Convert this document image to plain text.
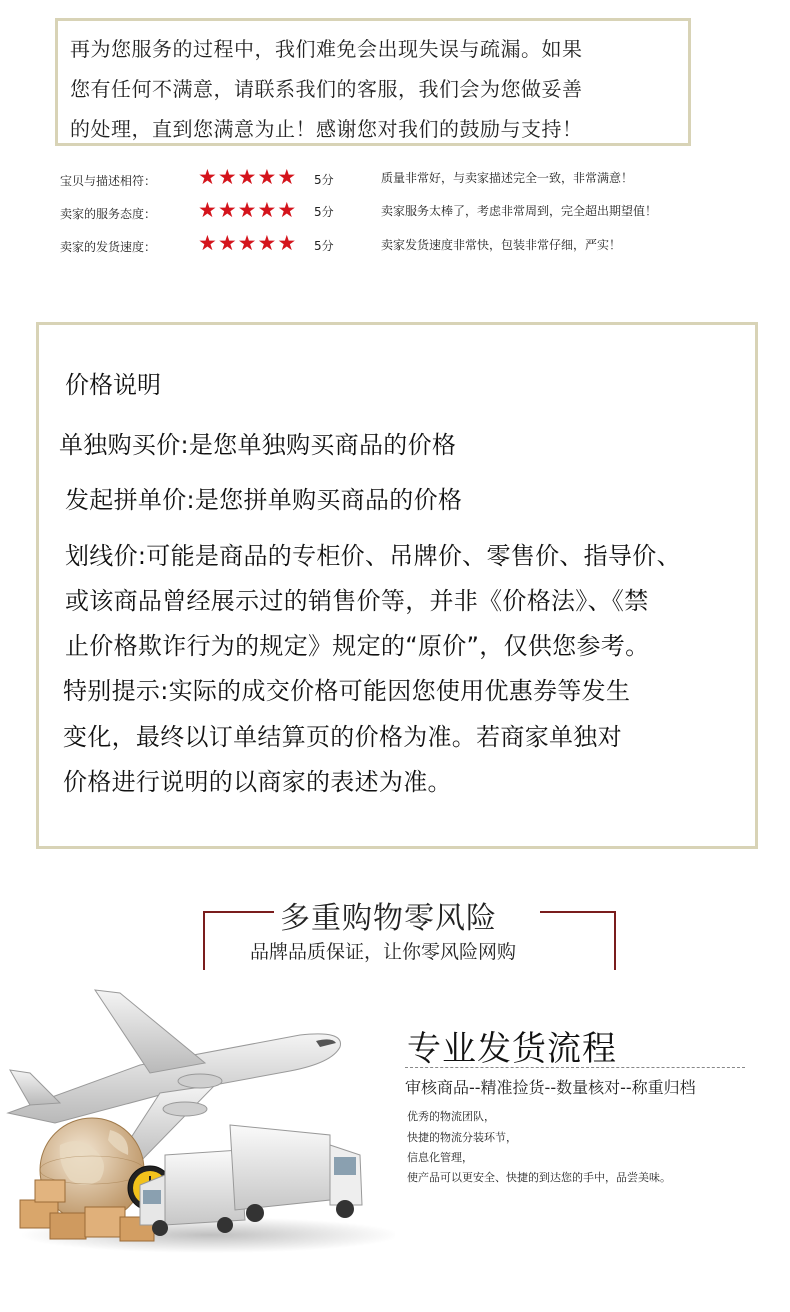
再为您服务的过程中，我们难免会出现失误与疏漏。如果
您有任何不满意，请联系我们的客服，我们会为您做妥善
的处理，直到您满意为止！感谢您对我们的鼓励与支持！
宝贝与描述相符： ★ ★ ★ ★ ★ 5分	质量非常好，与卖家描述完全一致，非常满意！
卖家的服务态度： ★ ★ ★ ★ ★ 5分	卖家服务太棒了，考虑非常周到，完全超出期望值！
卖家的发货速度： ★ ★ ★ ★ ★ 5分	卖家发货速度非常快，包装非常仔细，严实！
价格说明
单独购买价:是您单独购买商品的价格
发起拼单价:是您拼单购买商品的价格
划线价:可能是商品的专柜价、吊牌价、零售价、指导价、
或该商品曾经展示过的销售价等，并非《价格法》、《禁
止价格欺诈行为的规定》规定的“原价”，仅供您参考。
特别提示:实际的成交价格可能因您使用优惠券等发生
变化，最终以订单结算页的价格为准。若商家单独对
价格进行说明的以商家的表述为准。
多重购物零风险
品牌品质保证，让你零风险网购
专业发货流程
审核商品--精准捡货--数量核对--称重归档
优秀的物流团队，
快捷的物流分装环节，
信息化管理，
使产品可以更安全、快捷的到达您的手中，品尝美味。
